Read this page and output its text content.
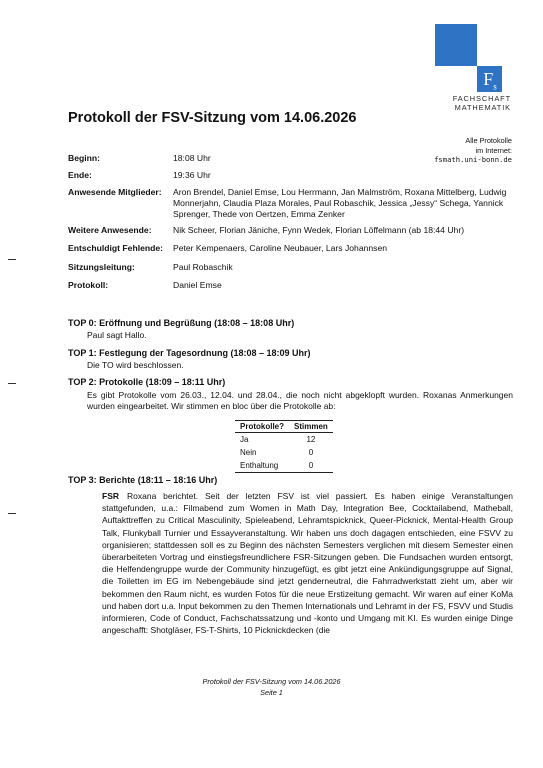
$F_s$
FACHSCHAFT
MATHEMATIK
Protokoll der FSV-Sitzung vom 14.06.2026
Alle Protokolle
im Internet:
fsmath.uni-bonn.de
Beginn:	18:08 Uhr
Ende:	19:36 Uhr
Anwesende Mitglieder: Aron Brendel, Daniel Emse, Lou Herrmann, Jan Malmström, Roxana Mittelberg, Ludwig Monnerjahn, Claudia Plaza Morales, Paul Robaschik, Jessica „Jessy“ Schega, Yannick Sprenger, Thede von Oertzen, Emma Zenker
Weitere Anwesende: Nik Scheer, Florian Jäniche, Fynn Wedek, Florian Löffelmann (ab 18:44 Uhr)
Entschuldigt Fehlende: Peter Kempenaers, Caroline Neubauer, Lars Johannsen
Sitzungsleitung:	Paul Robaschik
Protokoll:	Daniel Emse
TOP 0: Eröffnung und Begrüßung (18:08 – 18:08 Uhr)
Paul sagt Hallo.
TOP 1: Festlegung der Tagesordnung (18:08 – 18:09 Uhr)
Die TO wird beschlossen.
TOP 2: Protokolle (18:09 – 18:11 Uhr)
Es gibt Protokolle vom 26.03., 12.04. und 28.04., die noch nicht abgeklopft wurden. Roxanas Anmerkungen wurden eingearbeitet. Wir stimmen en bloc über die Protokolle ab:
Protokolle?	Stimmen
Ja	12
Nein	0
Enthaltung	0
TOP 3: Berichte (18:11 – 18:16 Uhr)
FSR Roxana berichtet. Seit der letzten FSV ist viel passiert. Es haben einige Veranstaltungen stattgefunden, u.a.: Filmabend zum Women in Math Day, Integration Bee, Cocktailabend, Matheball, Auftakttreffen zu Critical Masculinity, Spieleabend, Lehramtspicknick, Queer-Picknick, Mental-Health Group Talk, Flunkyball Turnier und Essayveranstaltung. Wir haben uns doch dagagen entschieden, eine FSVV zu organisieren; stattdessen soll es zu Beginn des nächsten Semesters verglichen mit diesem Semester einen überarbeiteten Vortrag und einstiegsfreundlichere FSR-Sitzungen geben. Die Fundsachen wurden entsorgt, die Helfendengruppe wurde der Community hinzugefügt, es gibt jetzt eine Ankündigungsgruppe auf Signal, die Toiletten im EG im Nebengebäude sind jetzt genderneutral, die Fahrradwerkstatt zieht um, aber wir bekommen den Raum nicht, es wurden Fotos für die neue Erstizeitung gemacht. Wir waren auf einer KoMa und haben dort u.a. Input bekommen zu den Themen Internationals und Lehramt in der FS, FSVV und Studis informieren, Code of Conduct, Fachschatssatzung und -konto und Umgang mit KI. Es wurden einige Dinge angeschafft: Shotgläser, FS-T-Shirts, 10 Picknickdecken (die
Protokoll der FSV-Sitzung vom 14.06.2026
Seite 1
